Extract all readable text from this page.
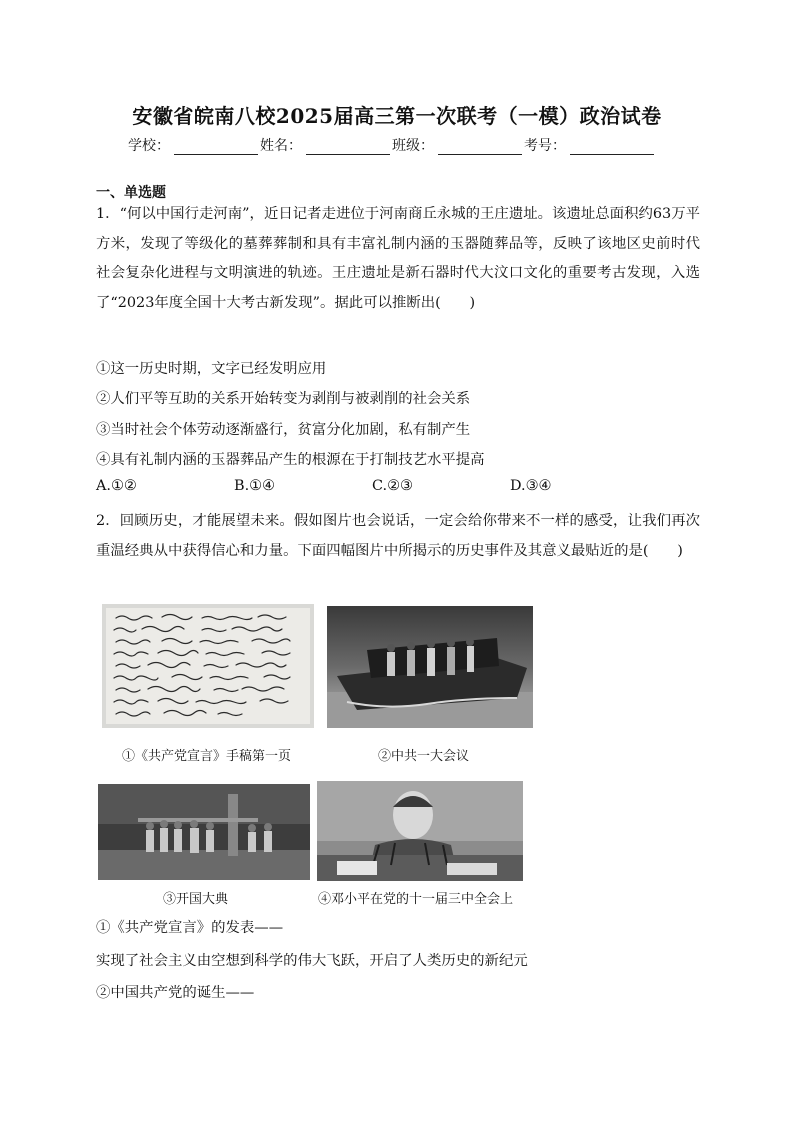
安徽省皖南八校2025届高三第一次联考（一模）政治试卷
学校：	姓名：	班级：	考号：
一、单选题
1．“何以中国行走河南”，近日记者走进位于河南商丘永城的王庄遗址。该遗址总面积约63万平方米，发现了等级化的墓葬葬制和具有丰富礼制内涵的玉器随葬品等，反映了该地区史前时代社会复杂化进程与文明演进的轨迹。王庄遗址是新石器时代大汶口文化的重要考古发现，入选了“2023年度全国十大考古新发现”。据此可以推断出(　　)
①这一历史时期，文字已经发明应用
②人们平等互助的关系开始转变为剥削与被剥削的社会关系
③当时社会个体劳动逐渐盛行，贫富分化加剧，私有制产生
④具有礼制内涵的玉器葬品产生的根源在于打制技艺水平提高
A.①②	B.①④	C.②③	D.③④
2．回顾历史，才能展望未来。假如图片也会说话，一定会给你带来不一样的感受，让我们再次重温经典从中获得信心和力量。下面四幅图片中所揭示的历史事件及其意义最贴近的是(　　)
①《共产党宣言》手稿第一页	②中共一大会议
③开国大典	④邓小平在党的十一届三中全会上
①《共产党宣言》的发表——
实现了社会主义由空想到科学的伟大飞跃，开启了人类历史的新纪元
②中国共产党的诞生——
